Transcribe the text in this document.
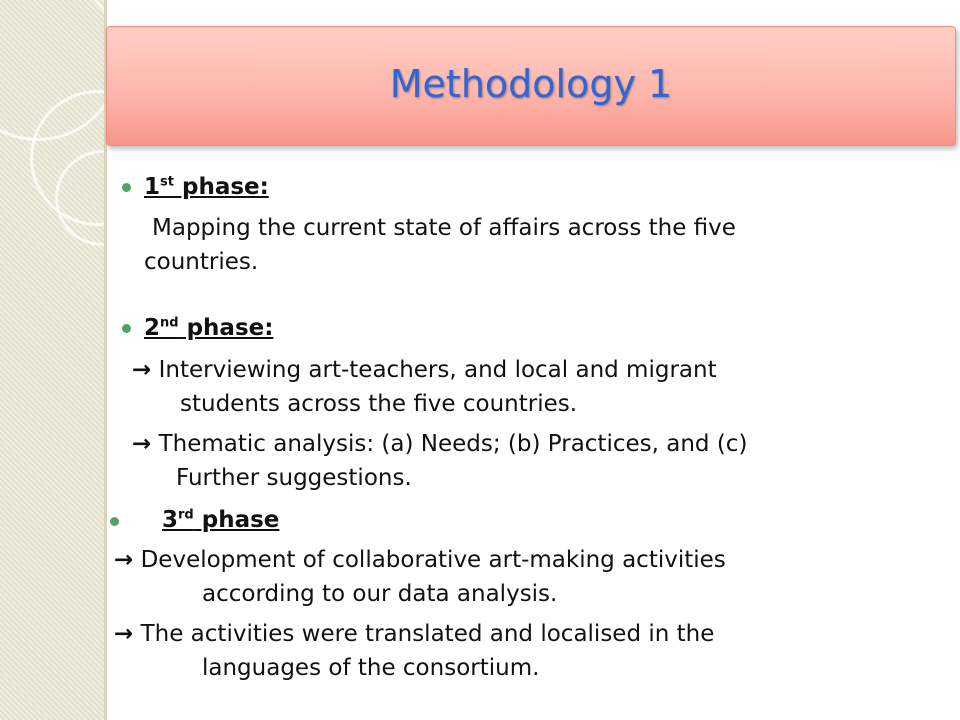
Methodology 1
1st phase:
Mapping the current state of affairs across the five
countries.
2nd phase:
→ Interviewing art-teachers, and local and migrant
students across the five countries.
→ Thematic analysis: (a) Needs; (b) Practices, and (c)
Further suggestions.
3rd phase
→ Development of collaborative art-making activities
according to our data analysis.
→ The activities were translated and localised in the
languages of the consortium.
